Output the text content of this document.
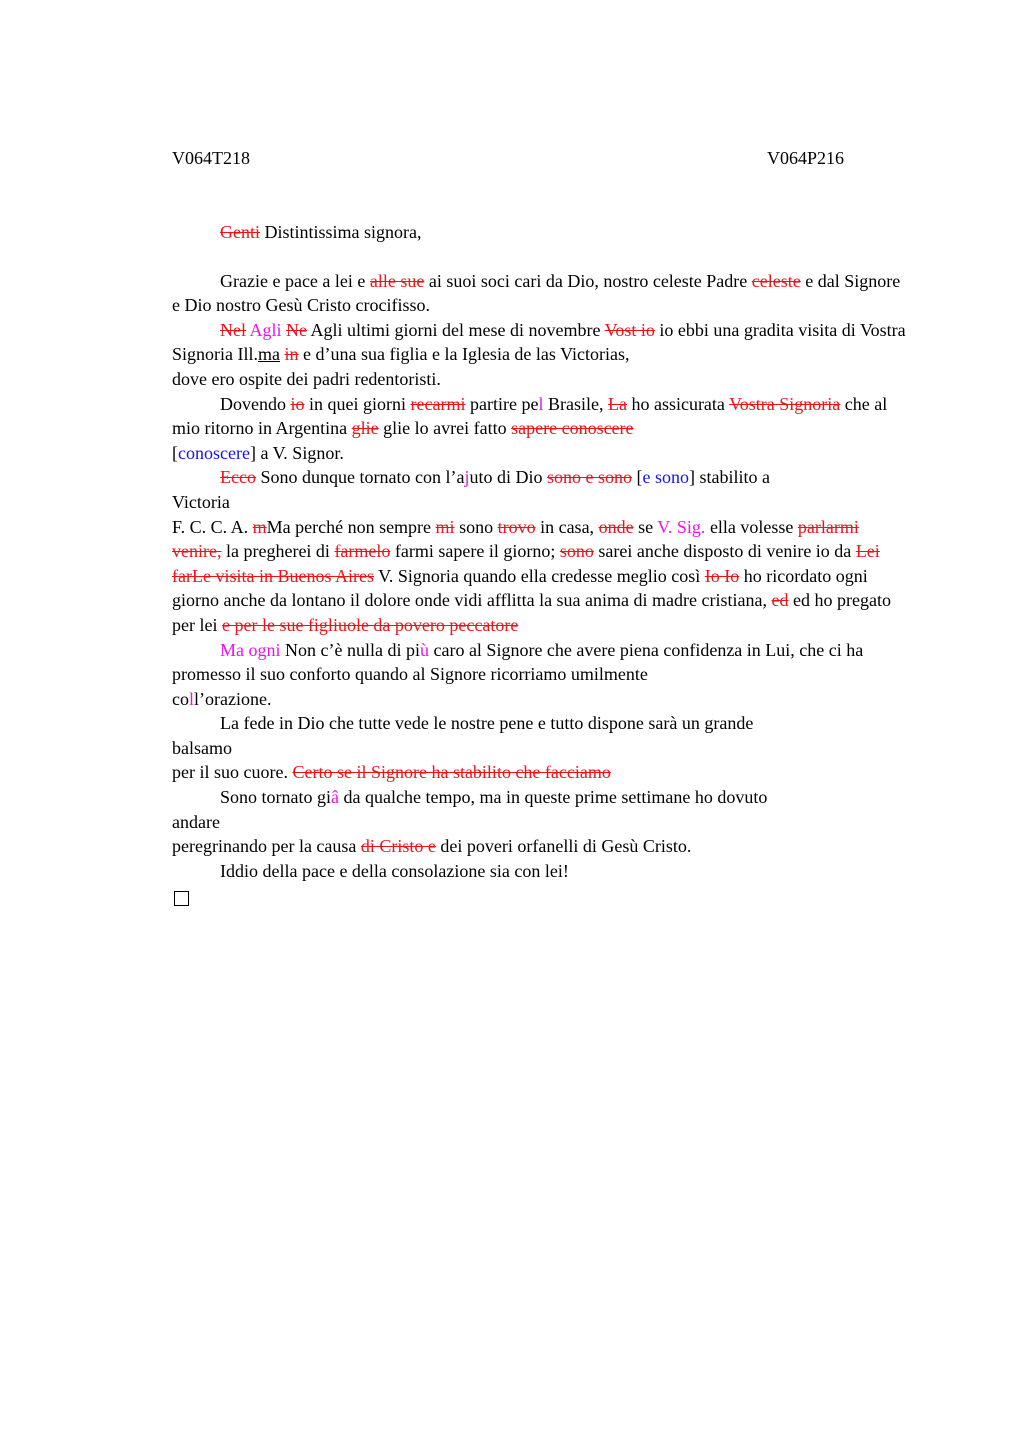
V064T218	V064P216

Genti Distintissima signora,

Grazie e pace a lei e alle sue ai suoi soci cari da Dio, nostro celeste Padre celeste e dal Signore e Dio nostro Gesù Cristo crocifisso.

Nel Agli Ne Agli ultimi giorni del mese di novembre Vost io io ebbi una gradita visita di Vostra Signoria Ill.ma in e d’una sua figlia e la Iglesia de las Victorias,
dove ero ospite dei padri redentoristi.

Dovendo io in quei giorni recarmi partire pel Brasile, La ho assicurata Vostra Signoria che al mio ritorno in Argentina glie glie lo avrei fatto sapere conoscere
[conoscere] a V. Signor.

Ecco Sono dunque tornato con l’ajuto di Dio sono e sono [e sono] stabilito a
Victoria

F. C. C. A. mMa perché non sempre mi sono trovo in casa, onde se V. Sig. ella volesse parlarmi venire, la pregherei di farmelo farmi sapere il giorno; sono sarei anche disposto di venire io da Lei farLe visita in Buenos Aires V. Signoria quando ella credesse meglio così Io Io ho ricordato ogni giorno anche da lontano il dolore onde vidi afflitta la sua anima di madre cristiana, ed ed ho pregato per lei e per le sue figliuole da povero peccatore

Ma ogni Non c’è nulla di più caro al Signore che avere piena confidenza in Lui, che ci ha promesso il suo conforto quando al Signore ricorriamo umilmente
coll’orazione.

La fede in Dio che tutte vede le nostre pene e tutto dispone sarà un grande
balsamo
per il suo cuore. Certo se il Signore ha stabilito che facciamo

Sono tornato giâ da qualche tempo, ma in queste prime settimane ho dovuto
andare
peregrinando per la causa di Cristo e dei poveri orfanelli di Gesù Cristo.

Iddio della pace e della consolazione sia con lei!
